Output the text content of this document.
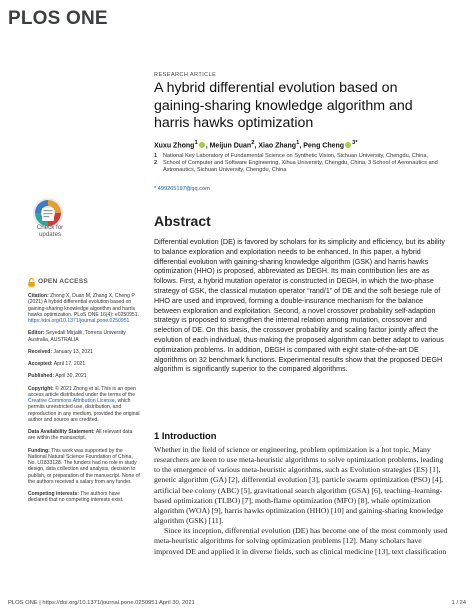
PLOS ONE
Check for
updates
OPEN ACCESS
Citation: Zhong X, Duan M, Zhang X, Cheng P (2021) A hybrid differential evolution based on gaining-sharing knowledge algorithm and harris hawks optimization. PLoS ONE 16(4): e0250951. https://doi.org/10.1371/journal.pone.0250951
Editor: Seyedali Mirjalili, Torrens University Australia, AUSTRALIA
Received: January 13, 2021
Accepted: April 17, 2021
Published: April 30, 2021
Copyright: © 2021 Zhong et al. This is an open access article distributed under the terms of the Creative Commons Attribution License, which permits unrestricted use, distribution, and reproduction in any medium, provided the original author and source are credited.
Data Availability Statement: All relevant data are within the manuscript.
Funding: This work was supported by the National Natural Science Foundation of China, No. U1833128. The funders had no role in study design, data collection and analysis, decision to publish, or preparation of the manuscript. None of the authors received a salary from any funder.
Competing interests: The authors have declared that no competing interests exist.
RESEARCH ARTICLE
A hybrid differential evolution based on gaining-sharing knowledge algorithm and harris hawks optimization
Xuxu Zhong$^1$ , Meijun Duan$^2$, Xiao Zhang$^1$, Peng Cheng $^{3*}$
1	National Key Laboratory of Fundamental Science on Synthetic Vision, Sichuan University, Chengdu, China,
2	School of Computer and Software Engineering, Xihua University, Chengdu, China, 3 School of Aeronautics and Astronautics, Sichuan University, Chengdu, China
* 499265197@qq.com
Abstract

Differential evolution (DE) is favored by scholars for its simplicity and efficiency, but its ability to balance exploration and exploitation needs to be enhanced. In this paper, a hybrid differential evolution with gaining-sharing knowledge algorithm (GSK) and harris hawks optimization (HHO) is proposed, abbreviated as DEGH. Its main contribution lies are as follows. First, a hybrid mutation operator is constructed in DEGH, in which the two-phase strategy of GSK, the classical mutation operator “rand/1” of DE and the soft besiege rule of HHO are used and improved, forming a double-insurance mechanism for the balance between exploration and exploitation. Second, a novel crossover probability self-adaption strategy is proposed to strengthen the internal relation among mutation, crossover and selection of DE. On this basis, the crossover probability and scaling factor jointly affect the evolution of each individual, thus making the proposed algorithm can better adapt to various optimization problems. In addition, DEGH is compared with eight state-of-the-art DE algorithms on 32 benchmark functions. Experimental results show that the proposed DEGH algorithm is significantly superior to the compared algorithms.

1 Introduction

Whether in the field of science or engineering, problem optimization is a hot topic. Many researchers are keen to use meta-heuristic algorithms to solve optimization problems, leading to the emergence of various meta-heuristic algorithms, such as Evolution strategies (ES) [1], genetic algorithm (GA) [2], differential evolution [3], particle swarm optimization (PSO) [4], artificial bee colony (ABC) [5], gravitational search algorithm (GSA) [6], teaching–learning-based optimization (TLBO) [7], moth-flame optimization (MFO) [8], whale optimization algorithm (WOA) [9], harris hawks optimization (HHO) [10] and gaining-sharing knowledge algorithm (GSK) [11].

Since its inception, differential evolution (DE) has become one of the most commonly used meta-heuristic algorithms for solving optimization problems [12]. Many scholars have improved DE and applied it in diverse fields, such as clinical medicine [13], text classification

PLOS ONE | https://doi.org/10.1371/journal.pone.0250951 April 30, 2021	1 / 24
